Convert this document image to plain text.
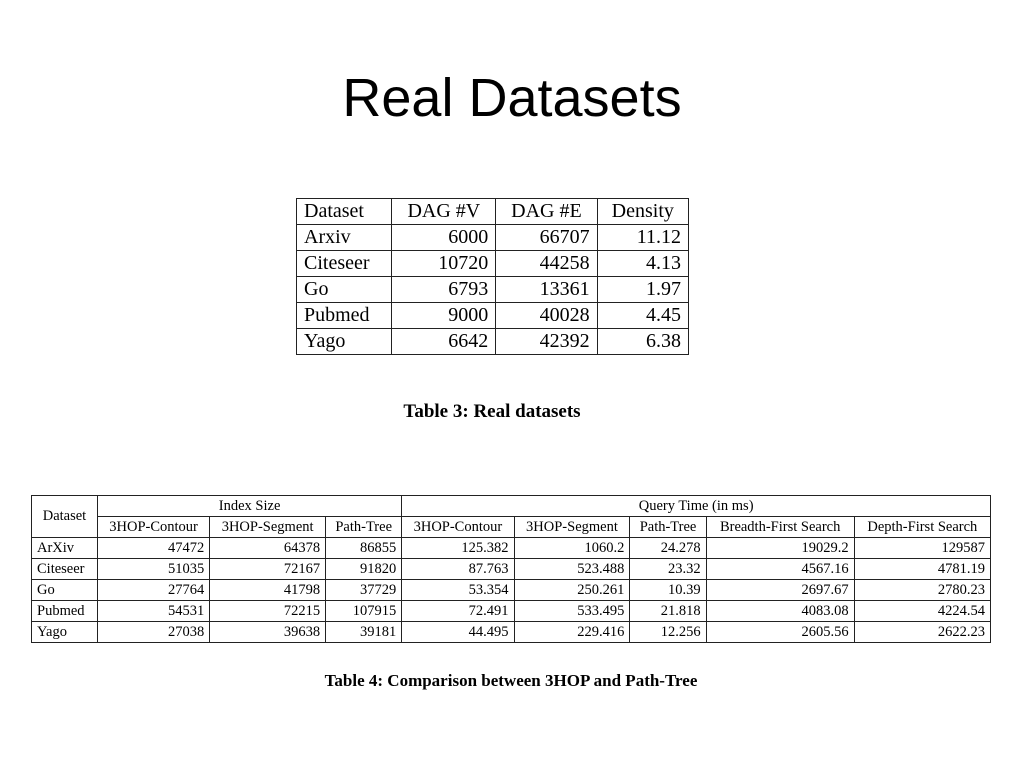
Real Datasets
Dataset	DAG #V	DAG #E	Density
Arxiv	6000	66707	11.12
Citeseer	10720	44258	4.13
Go	6793	13361	1.97
Pubmed	9000	40028	4.45
Yago	6642	42392	6.38
Table 3: Real datasets
Dataset	Index Size			Query Time (in ms)				
	3HOP-Contour	3HOP-Segment	Path-Tree	3HOP-Contour	3HOP-Segment	Path-Tree	Breadth-First Search	Depth-First Search
ArXiv	47472	64378	86855	125.382	1060.2	24.278	19029.2	129587
Citeseer	51035	72167	91820	87.763	523.488	23.32	4567.16	4781.19
Go	27764	41798	37729	53.354	250.261	10.39	2697.67	2780.23
Pubmed	54531	72215	107915	72.491	533.495	21.818	4083.08	4224.54
Yago	27038	39638	39181	44.495	229.416	12.256	2605.56	2622.23
Table 4: Comparison between 3HOP and Path-Tree
